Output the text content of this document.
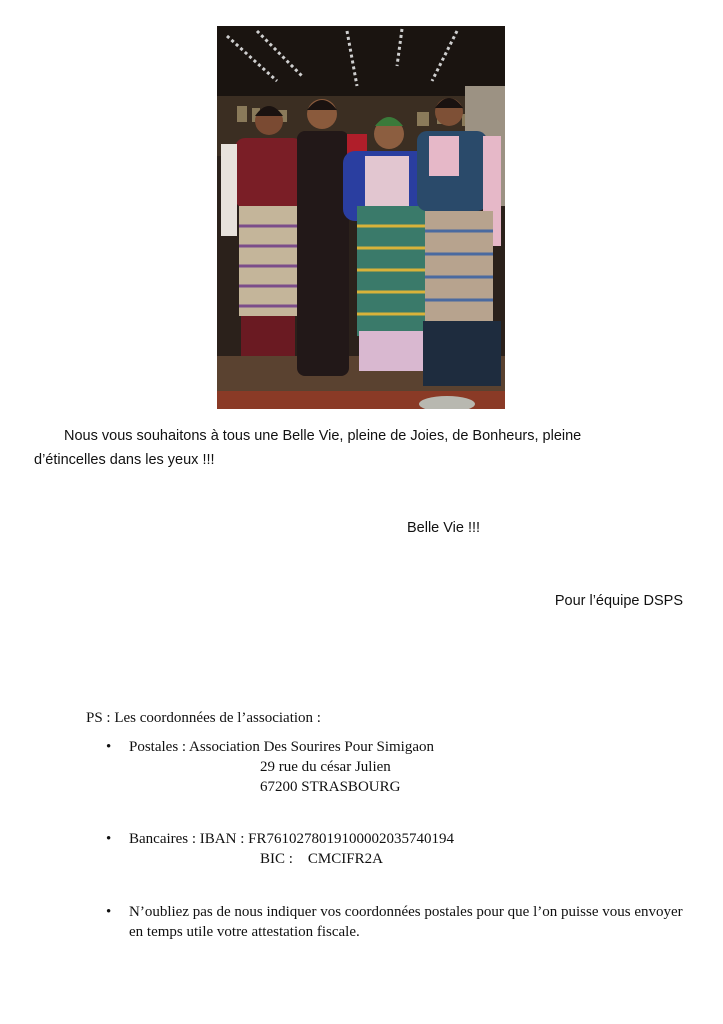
Nous vous souhaitons à tous une Belle Vie, pleine de Joies, de Bonheurs, pleine d’étincelles dans les yeux !!!
Belle Vie !!!
Pour l’équipe DSPS
PS : Les coordonnées de l’association :
• Postales : Association Des Sourires Pour Simigaon
29 rue du césar Julien
67200 STRASBOURG
• Bancaires : IBAN : FR7610278019100002035740194
BIC :    CMCIFR2A
• N’oubliez pas de nous indiquer vos coordonnées postales pour que l’on puisse vous envoyer en temps utile votre attestation fiscale.
